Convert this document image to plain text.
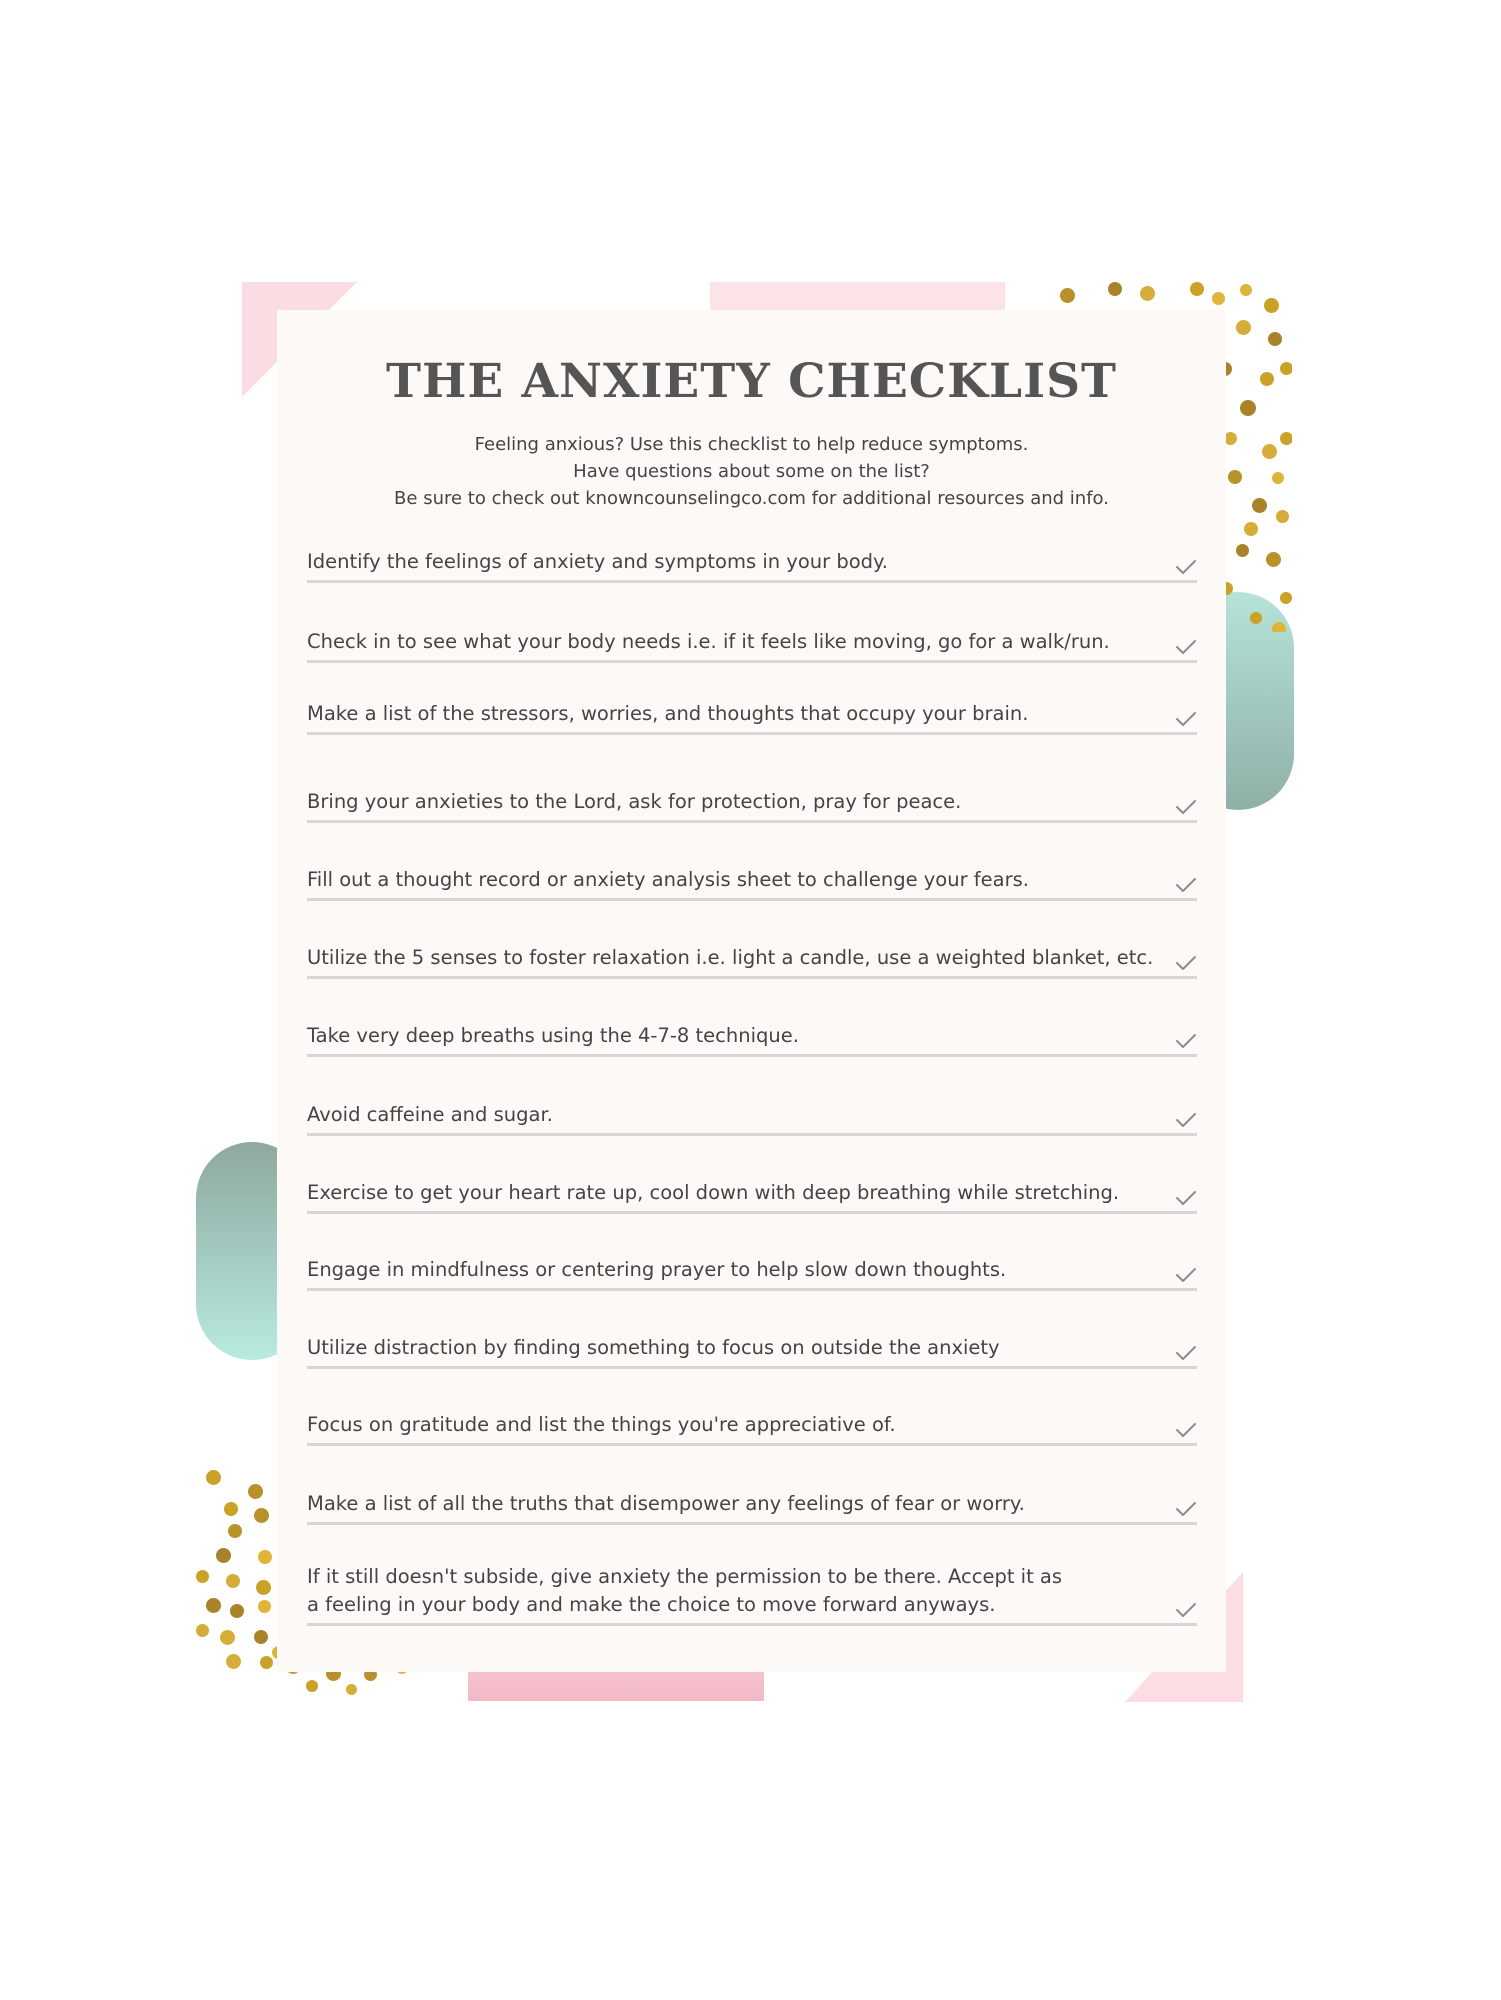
THE ANXIETY CHECKLIST
Feeling anxious? Use this checklist to help reduce symptoms.
Have questions about some on the list?
Be sure to check out knowncounselingco.com for additional resources and info.
Identify the feelings of anxiety and symptoms in your body.
Check in to see what your body needs i.e. if it feels like moving, go for a walk/run.
Make a list of the stressors, worries, and thoughts that occupy your brain.
Bring your anxieties to the Lord, ask for protection, pray for peace.
Fill out a thought record or anxiety analysis sheet to challenge your fears.
Utilize the 5 senses to foster relaxation i.e. light a candle, use a weighted blanket, etc.
Take very deep breaths using the 4-7-8 technique.
Avoid caffeine and sugar.
Exercise to get your heart rate up, cool down with deep breathing while stretching.
Engage in mindfulness or centering prayer to help slow down thoughts.
Utilize distraction by finding something to focus on outside the anxiety
Focus on gratitude and list the things you're appreciative of.
Make a list of all the truths that disempower any feelings of fear or worry.
If it still doesn't subside, give anxiety the permission to be there. Accept it as a feeling in your body and make the choice to move forward anyways.
